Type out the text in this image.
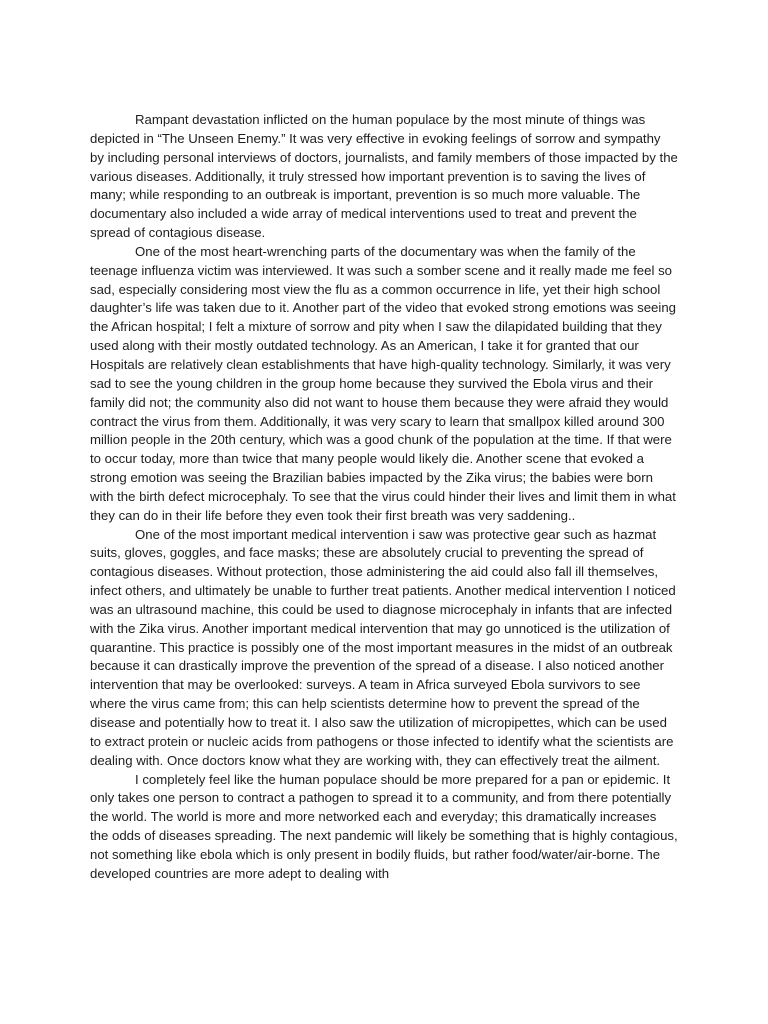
Rampant devastation inflicted on the human populace by the most minute of things was depicted in “The Unseen Enemy.” It was very effective in evoking feelings of sorrow and sympathy by including personal interviews of doctors, journalists, and family members of those impacted by the various diseases. Additionally, it truly stressed how important prevention is to saving the lives of many; while responding to an outbreak is important, prevention is so much more valuable. The documentary also included a wide array of medical interventions used to treat and prevent the spread of contagious disease.

One of the most heart-wrenching parts of the documentary was when the family of the teenage influenza victim was interviewed. It was such a somber scene and it really made me feel so sad, especially considering most view the flu as a common occurrence in life, yet their high school daughter’s life was taken due to it. Another part of the video that evoked strong emotions was seeing the African hospital; I felt a mixture of sorrow and pity when I saw the dilapidated building that they used along with their mostly outdated technology. As an American, I take it for granted that our Hospitals are relatively clean establishments that have high-quality technology. Similarly, it was very sad to see the young children in the group home because they survived the Ebola virus and their family did not; the community also did not want to house them because they were afraid they would contract the virus from them. Additionally, it was very scary to learn that smallpox killed around 300 million people in the 20th century, which was a good chunk of the population at the time. If that were to occur today, more than twice that many people would likely die. Another scene that evoked a strong emotion was seeing the Brazilian babies impacted by the Zika virus; the babies were born with the birth defect microcephaly. To see that the virus could hinder their lives and limit them in what they can do in their life before they even took their first breath was very saddening..

One of the most important medical intervention i saw was protective gear such as hazmat suits, gloves, goggles, and face masks; these are absolutely crucial to preventing the spread of contagious diseases. Without protection, those administering the aid could also fall ill themselves, infect others, and ultimately be unable to further treat patients. Another medical intervention I noticed was an ultrasound machine, this could be used to diagnose microcephaly in infants that are infected with the Zika virus. Another important medical intervention that may go unnoticed is the utilization of quarantine. This practice is possibly one of the most important measures in the midst of an outbreak because it can drastically improve the prevention of the spread of a disease. I also noticed another intervention that may be overlooked: surveys. A team in Africa surveyed Ebola survivors to see where the virus came from; this can help scientists determine how to prevent the spread of the disease and potentially how to treat it. I also saw the utilization of micropipettes, which can be used to extract protein or nucleic acids from pathogens or those infected to identify what the scientists are dealing with. Once doctors know what they are working with, they can effectively treat the ailment.

I completely feel like the human populace should be more prepared for a pan or epidemic. It only takes one person to contract a pathogen to spread it to a community, and from there potentially the world. The world is more and more networked each and everyday; this dramatically increases the odds of diseases spreading. The next pandemic will likely be something that is highly contagious, not something like ebola which is only present in bodily fluids, but rather food/water/air-borne. The developed countries are more adept to dealing with
